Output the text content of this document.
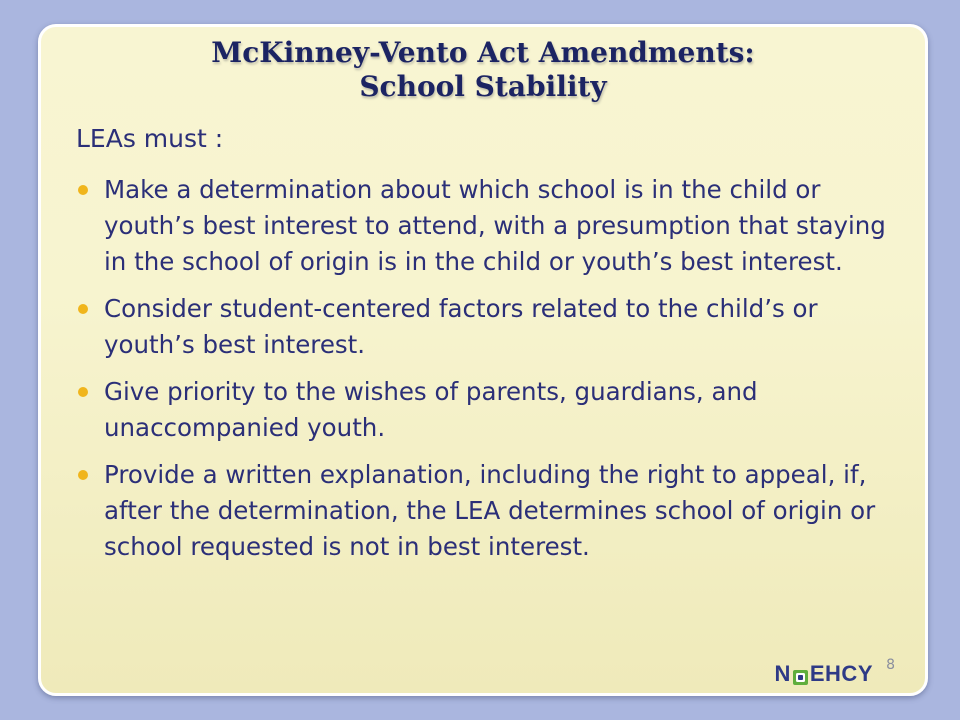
McKinney-Vento Act Amendments:
School Stability
LEAs must :
Make a determination about which school is in the child or youth’s best interest to attend, with a presumption that staying in the school of origin is in the child or youth’s best interest.
Consider student-centered factors related to the child’s or youth’s best interest.
Give priority to the wishes of parents, guardians, and unaccompanied youth.
Provide a written explanation, including the right to appeal, if, after the determination, the LEA determines school of origin or school requested is not in best interest.
N EHCY 8
